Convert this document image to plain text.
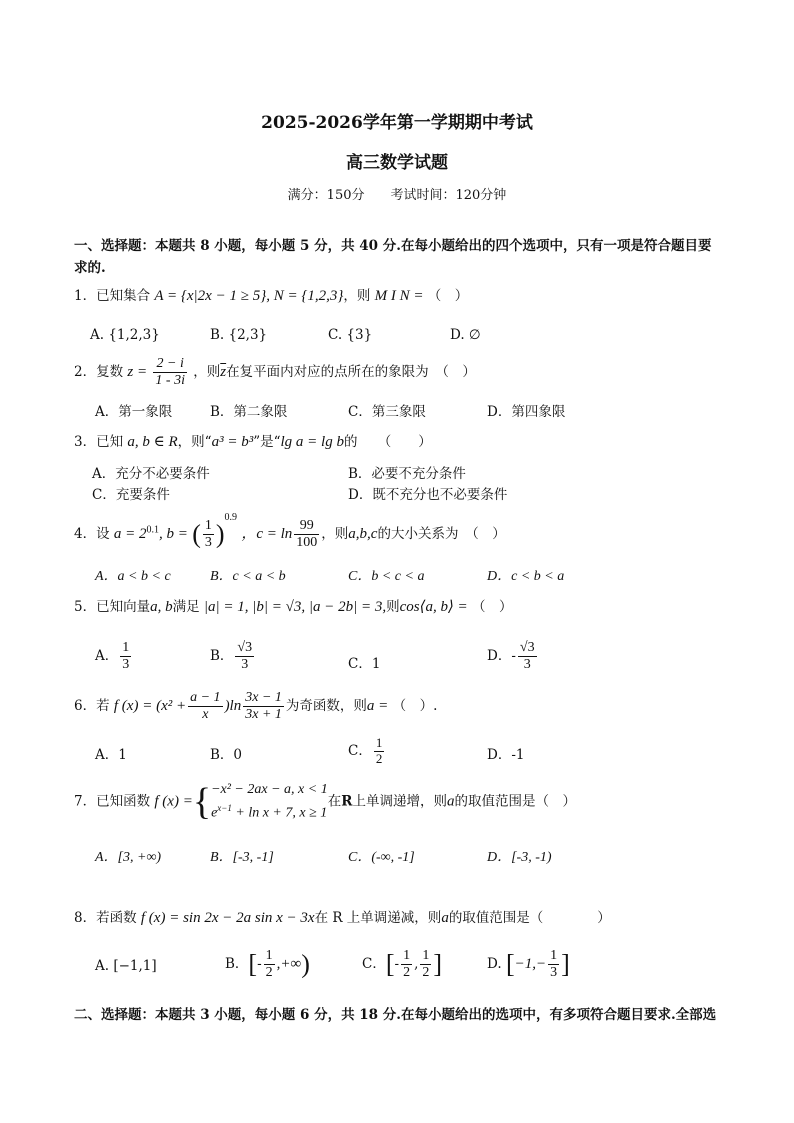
2025-2026学年第一学期期中考试
高三数学试题
满分：150分　　考试时间：120分钟
一、选择题：本题共 8 小题，每小题 5 分，共 40 分.在每小题给出的四个选项中，只有一项是符合题目要
求的.
1．已知集合 A = {x|2x − 1 ≥ 5}, N = {1,2,3}，则 M I N = （　）
A. {1,2,3}	B. {2,3}	C. {3}	D. ∅
2．复数 $z = \frac{2 - i}{1 - 3i}$ ，则$\overline{z}$在复平面内对应的点所在的象限为　（　）
A．第一象限	B．第二象限	C．第三象限	D．第四象限
3．已知 a, b ∈ R，则“a³ = b³”是“lg a = lg b的　　（　　）
A．充分不必要条件	B．必要不充分条件
C．充要条件	D．既不充分也不必要条件
4．设 $a = 2^{0.1}$, b = ( $\frac{1}{3} )^{0.9}$ ，$c = \ln \frac{99}{100}$ ，则a,b,c的大小关系为　（　）
A．a < b < c	B．c < a < b	C．b < c < a	D．c < b < a
5．已知向量a, b满足 |a| = 1, |b| = √3, |a − 2b| = 3,则cos⟨a, b⟩ = （　）
A． $\frac{1}{3}$	B． $\frac{√3}{3}$	C．1	D．- $\frac{√3}{3}$
6．若 f $(x) = (x^2 + \frac{a - 1}{x} )\ln \frac{3x - 1}{3x + 1}$ 为奇函数，则a = （　）.
A．1	B．0	C． $\frac{1}{2}$	D．-1
7．已知函数 f (x) ={ −x² − 2ax − a, x < 1
$e^{x-1} + \ln x + 7$, x ≥ 1
在R上单调递增，则a的取值范围是（　）
A．[3, +∞)	B．[-3, -1]	C．(-∞, -1]	D．[-3, -1)
8．若函数 f (x) = sin 2x − 2a sin x − 3x在 R 上单调递减，则a的取值范围是（　　　　）
A. [−1,1]	B．[- $\frac{1}{2}$ ,+∞)	C．[- $\frac{1}{2}$ , $\frac{1}{2}$ ]	D. [$-1,- \frac{1}{3}$ ]
二、选择题：本题共 3 小题，每小题 6 分，共 18 分.在每小题给出的选项中，有多项符合题目要求.全部选
